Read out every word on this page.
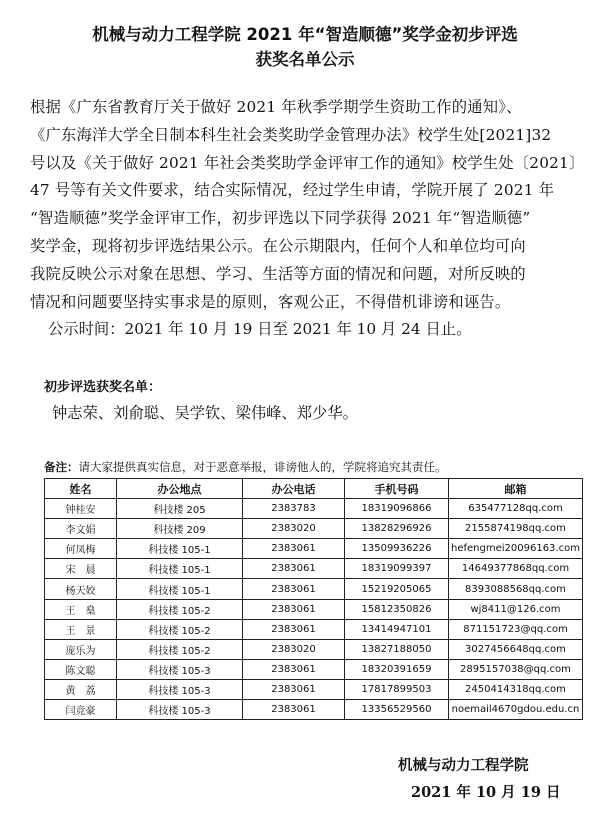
机械与动力工程学院 2021 年“智造顺德”奖学金初步评选
获奖名单公示
根据《广东省教育厅关于做好 2021 年秋季学期学生资助工作的通知》、
《广东海洋大学全日制本科生社会类奖助学金管理办法》校学生处[2021]32
号以及《关于做好 2021 年社会类奖助学金评审工作的通知》校学生处〔2021〕
47 号等有关文件要求，结合实际情况，经过学生申请，学院开展了 2021 年
“智造顺德”奖学金评审工作，初步评选以下同学获得 2021 年“智造顺德”
奖学金，现将初步评选结果公示。在公示期限内，任何个人和单位均可向
我院反映公示对象在思想、学习、生活等方面的情况和问题，对所反映的
情况和问题要坚持实事求是的原则，客观公正，不得借机诽谤和诬告。
公示时间：2021 年 10 月 19 日至 2021 年 10 月 24 日止。
初步评选获奖名单：
钟志荣、刘俞聪、吴学钦、梁伟峰、郑少华。
备注：请大家提供真实信息，对于恶意举报，诽谤他人的，学院将追究其责任。
姓名	办公地点	办公电话	手机号码	邮箱
钟桂安	科技楼 205	2383783	18319096866	635477128qq.com
李文娟	科技楼 209	2383020	13828296926	2155874198qq.com
何凤梅	科技楼 105-1	2383061	13509936226	hefengmei20096163.com
宋　晨	科技楼 105-1	2383061	18319099397	14649377868qq.com
杨天姣	科技楼 105-1	2383061	15219205065	8393088568qq.com
王　燊	科技楼 105-2	2383061	15812350826	wj8411@126.com
王　景	科技楼 105-2	2383061	13414947101	871151723@qq.com
庞乐为	科技楼 105-2	2383020	13827188050	3027456648qq.com
陈文聪	科技楼 105-3	2383061	18320391659	2895157038@qq.com
黄　荔	科技楼 105-3	2383061	17817899503	2450414318qq.com
闫竞豪	科技楼 105-3	2383061	13356529560	noemail4670gdou.edu.cn
机械与动力工程学院
2021 年 10 月 19 日
